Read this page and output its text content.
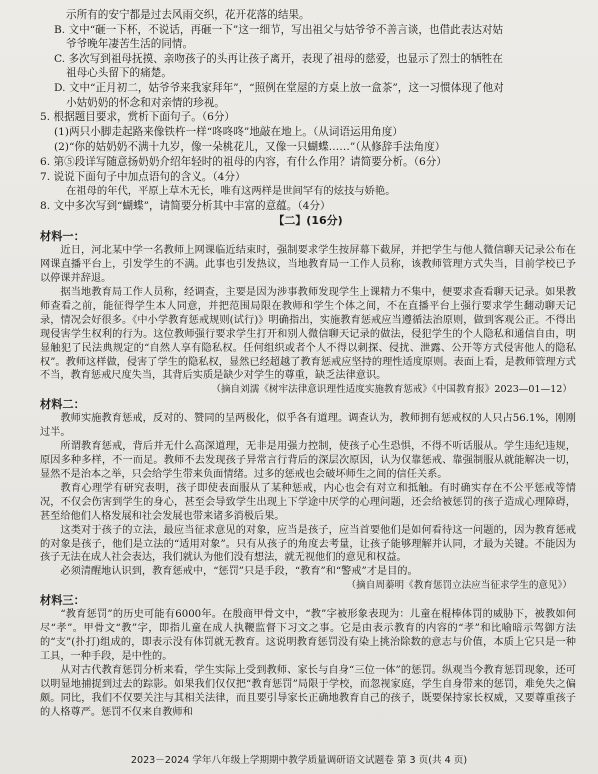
示所有的安宁都是过去风雨交织，花开花落的结果。
B. 文中“砸一下杯，不说话，再砸一下”这一细节，写出祖父与姑爷爷不善言谈，也借此表达对姑
爷爷晚年凄苦生活的同情。
C. 多次写到祖母抚摸、亲吻孩子的头再让孩子离开，表现了祖母的慈爱，也显示了烈士的牺牲在
祖母心头留下的痛楚。
D. 文中“正月初二，姑爷爷来我家拜年”，“照例在堂屋的方桌上放一盒茶”，这一习惯体现了他对
小姑奶奶的怀念和对亲情的珍视。
5. 根据题目要求，赏析下面句子。（6分）
(1)两只小脚走起路来像铁杵一样“咚咚咚”地敲在地上。（从词语运用角度）
(2)“你的姑奶奶不满十九岁，像一朵桃花儿，又像一只蝴蝶……”（从修辞手法角度）
6. 第⑤段详写随意扬奶奶介绍年轻时的祖母的内容，有什么作用？请简要分析。（6分）
7. 说说下面句子中加点语句的含义。（4分）
在祖母的年代，平原上草木无长，唯有这两样是世间罕有的炫技与娇艳。
8. 文中多次写到“蝴蝶”，请简要分析其中丰富的意蕴。（4分）
【二】(16分)
材料一：
近日，河北某中学一名教师上网课临近结束时，强制要求学生按屏幕下截屏，并把学生与他人微信聊天记录公布在网课直播平台上，引发学生的不满。此事也引发热议，当地教育局一工作人员称，该教师管理方式失当，目前学校已予以停课并辞退。
据当地教育局工作人员称，经调查，主要是因为涉事教师发现学生上课精力不集中，便要求查看聊天记录。如果教师查看之前，能征得学生本人同意，并把范围局限在教师和学生个体之间，不在直播平台上强行要求学生翻动聊天记录，情况会好很多。《中小学教育惩戒规则(试行)》明确指出，实施教育惩戒应当遵循法治原则，做到客观公正。不得出现侵害学生权利的行为。这位教师强行要求学生打开和别人微信聊天记录的做法，侵犯学生的个人隐私和通信自由，明显触犯了民法典规定的“自然人享有隐私权。任何组织或者个人不得以刺探、侵扰、泄露、公开等方式侵害他人的隐私权”。教师这样做，侵害了学生的隐私权，显然已经超越了教育惩戒应坚持的理性适度原则。表面上看，是教师管理方式不当，教育惩戒尺度失当，其背后实质是缺少对学生的尊重，缺乏法律意识。
（摘自刘濡《树牢法律意识理性适度实施教育惩戒》《中国教育报》2023—01—12）
材料二：
教师实施教育惩戒，反对的、赞同的呈两极化，似乎各有道理。调查认为，教师拥有惩戒权的人只占56.1%，刚刚过半。
所谓教育惩戒，背后并无什么高深道理，无非是用强力控制，使孩子心生恐惧，不得不听话服从。学生违纪违规，原因多种多样，不一而足。教师不去发现孩子异常言行背后的深层次原因，认为仅靠惩戒、靠强制服从就能解决一切，显然不是治本之举，只会给学生带来负面情绪。过多的惩戒也会破坏师生之间的信任关系。
教育心理学有研究表明，孩子即使表面服从了某种惩戒，内心也会有对立和抵触。有时确实存在不公平惩戒等情况，不仅会伤害到学生的身心，甚至会导致学生出现上下学途中厌学的心理问题，还会给被惩罚的孩子造成心理障碍，甚至给他们人格发展和社会发展也带来诸多消极后果。
这类对于孩子的立法，最应当征求意见的对象，应当是孩子，应当首要他们是如何看待这一问题的，因为教育惩戒的对象是孩子，他们是立法的“适用对象”。只有从孩子的角度去考量，让孩子能够理解并认同，才最为关键。不能因为孩子无法在成人社会表达，我们就认为他们没有想法，就无视他们的意见和权益。
必须清醒地认识到，教育惩戒中，“惩罚”只是手段，“教育”和“警戒”才是目的。
（摘自周蓁明《教育惩罚立法应当征求学生的意见》）
材料三：
“教育惩罚”的历史可能有6000年。在殷商甲骨文中，“教”字被形象表现为：儿童在棍棒体罚的威胁下，被教如何尽“孝”。甲骨文“教”字，即指儿童在成人执鞭监督下习文之事。它是由表示教育的内容的“孝”和比喻暗示驾御方法的“支”(扑打)组成的，即表示没有体罚就无教育。这说明教育惩罚没有染上挑治除数的意志与价值，本质上它只是一种工具，一种手段，是中性的。
从对古代教育惩罚分析来看，学生实际上受到教师、家长与自身“三位一体”的惩罚。纵观当今教育惩罚现象，还可以明显地捕捉到过去的踪影。如果我们仅仅把“教育惩罚”局限于学校，而忽视家庭，学生自身带来的惩罚，难免失之偏颇。同比，我们不仅要关注与其相关法律，而且要引导家长正确地教育自己的孩子，既要保持家长权威，又要尊重孩子的人格尊严。惩罚不仅来自教师和
2023－2024 学年八年级上学期期中教学质量调研语文试题卷 第 3 页(共 4 页)
